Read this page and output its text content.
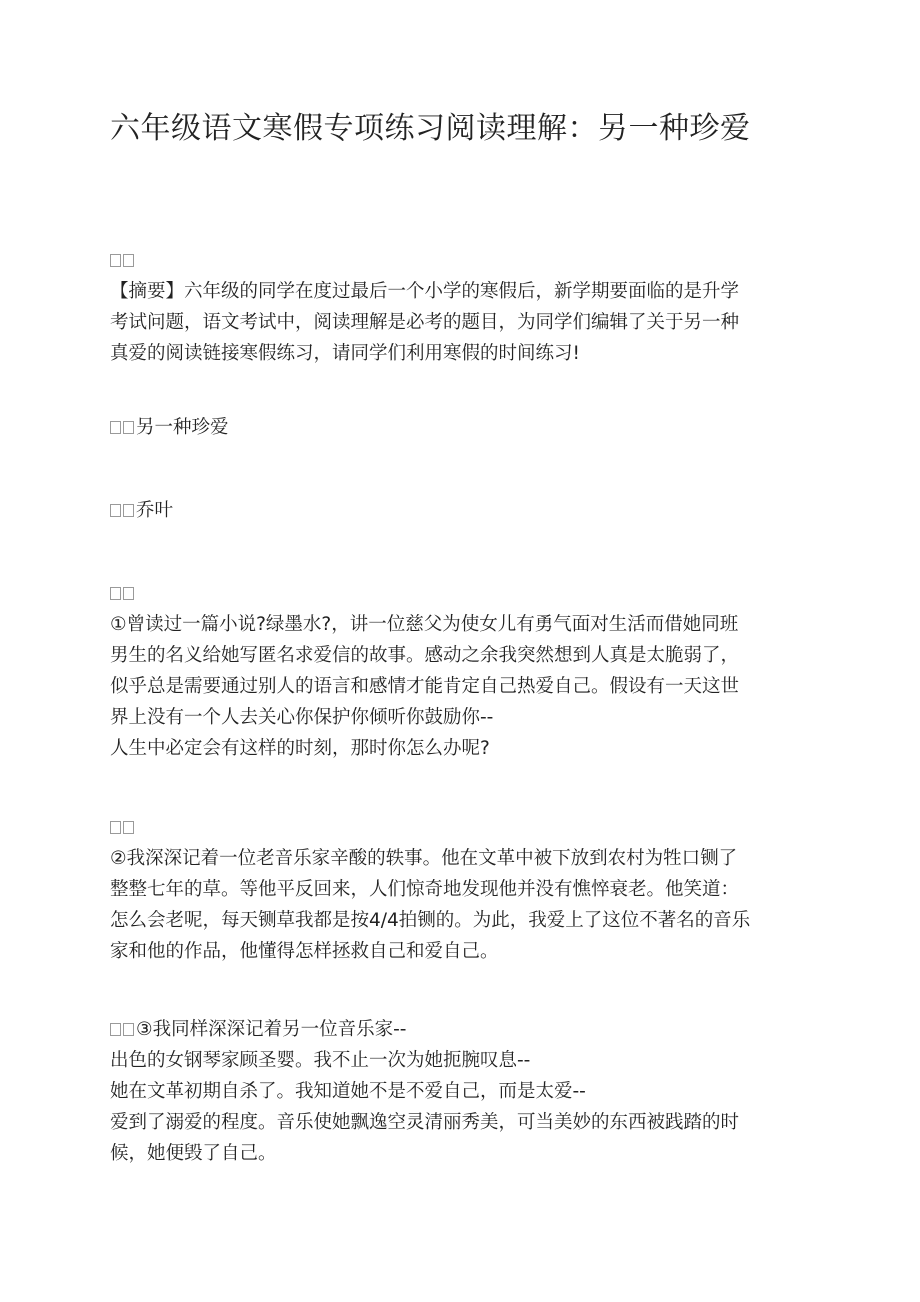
六年级语文寒假专项练习阅读理解：另一种珍爱
【摘要】六年级的同学在度过最后一个小学的寒假后，新学期要面临的是升学
考试问题，语文考试中，阅读理解是必考的题目，为同学们编辑了关于另一种
真爱的阅读链接寒假练习，请同学们利用寒假的时间练习!
另一种珍爱
乔叶
①曾读过一篇小说?绿墨水?，讲一位慈父为使女儿有勇气面对生活而借她同班
男生的名义给她写匿名求爱信的故事。感动之余我突然想到人真是太脆弱了，
似乎总是需要通过别人的语言和感情才能肯定自己热爱自己。假设有一天这世
界上没有一个人去关心你保护你倾听你鼓励你--
人生中必定会有这样的时刻，那时你怎么办呢?
②我深深记着一位老音乐家辛酸的轶事。他在文革中被下放到农村为牲口铡了
整整七年的草。等他平反回来，人们惊奇地发现他并没有憔悴衰老。他笑道：
怎么会老呢，每天铡草我都是按4/4拍铡的。为此，我爱上了这位不著名的音乐
家和他的作品，他懂得怎样拯救自己和爱自己。
③我同样深深记着另一位音乐家--
出色的女钢琴家顾圣婴。我不止一次为她扼腕叹息--
她在文革初期自杀了。我知道她不是不爱自己，而是太爱--
爱到了溺爱的程度。音乐使她飘逸空灵清丽秀美，可当美妙的东西被践踏的时
候，她便毁了自己。
